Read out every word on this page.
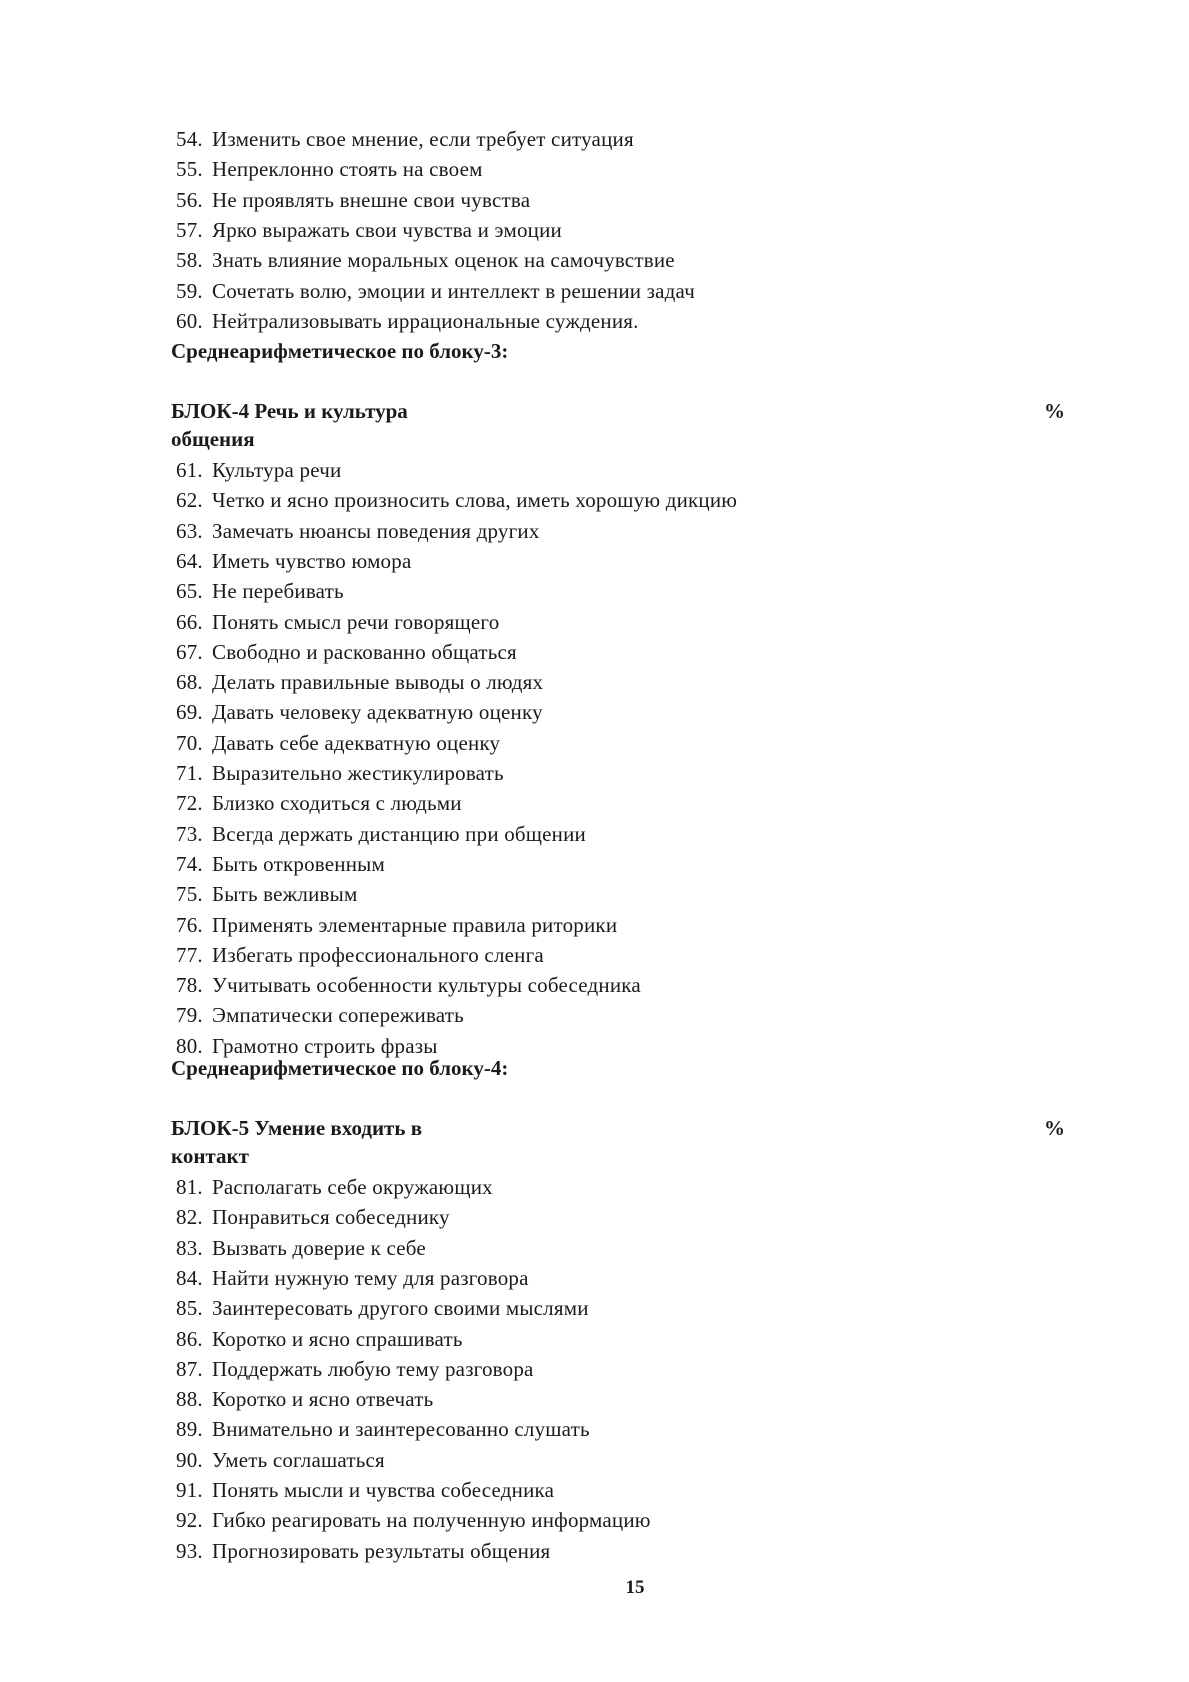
54. Изменить свое мнение, если требует ситуация
55. Непреклонно стоять на своем
56. Не проявлять внешне свои чувства
57. Ярко выражать свои чувства и эмоции
58. Знать влияние моральных оценок на самочувствие
59. Сочетать волю, эмоции и интеллект в решении задач
60. Нейтрализовывать иррациональные суждения.
Среднеарифметическое по блоку-3:
БЛОК-4 Речь и культура	%
общения
61. Культура речи
62. Четко и ясно произносить слова, иметь хорошую дикцию
63. Замечать нюансы поведения других
64. Иметь чувство юмора
65. Не перебивать
66. Понять смысл речи говорящего
67. Свободно и раскованно общаться
68. Делать правильные выводы о людях
69. Давать человеку адекватную оценку
70. Давать себе адекватную оценку
71. Выразительно жестикулировать
72. Близко сходиться с людьми
73. Всегда держать дистанцию при общении
74. Быть откровенным
75. Быть вежливым
76. Применять элементарные правила риторики
77. Избегать профессионального сленга
78. Учитывать особенности культуры собеседника
79. Эмпатически сопереживать
80. Грамотно строить фразы
Среднеарифметическое по блоку-4:
БЛОК-5 Умение входить в	%
контакт
81. Располагать себе окружающих
82. Понравиться собеседнику
83. Вызвать доверие к себе
84. Найти нужную тему для разговора
85. Заинтересовать другого своими мыслями
86. Коротко и ясно спрашивать
87. Поддержать любую тему разговора
88. Коротко и ясно отвечать
89. Внимательно и заинтересованно слушать
90. Уметь соглашаться
91. Понять мысли и чувства собеседника
92. Гибко реагировать на полученную информацию
93. Прогнозировать результаты общения
15
